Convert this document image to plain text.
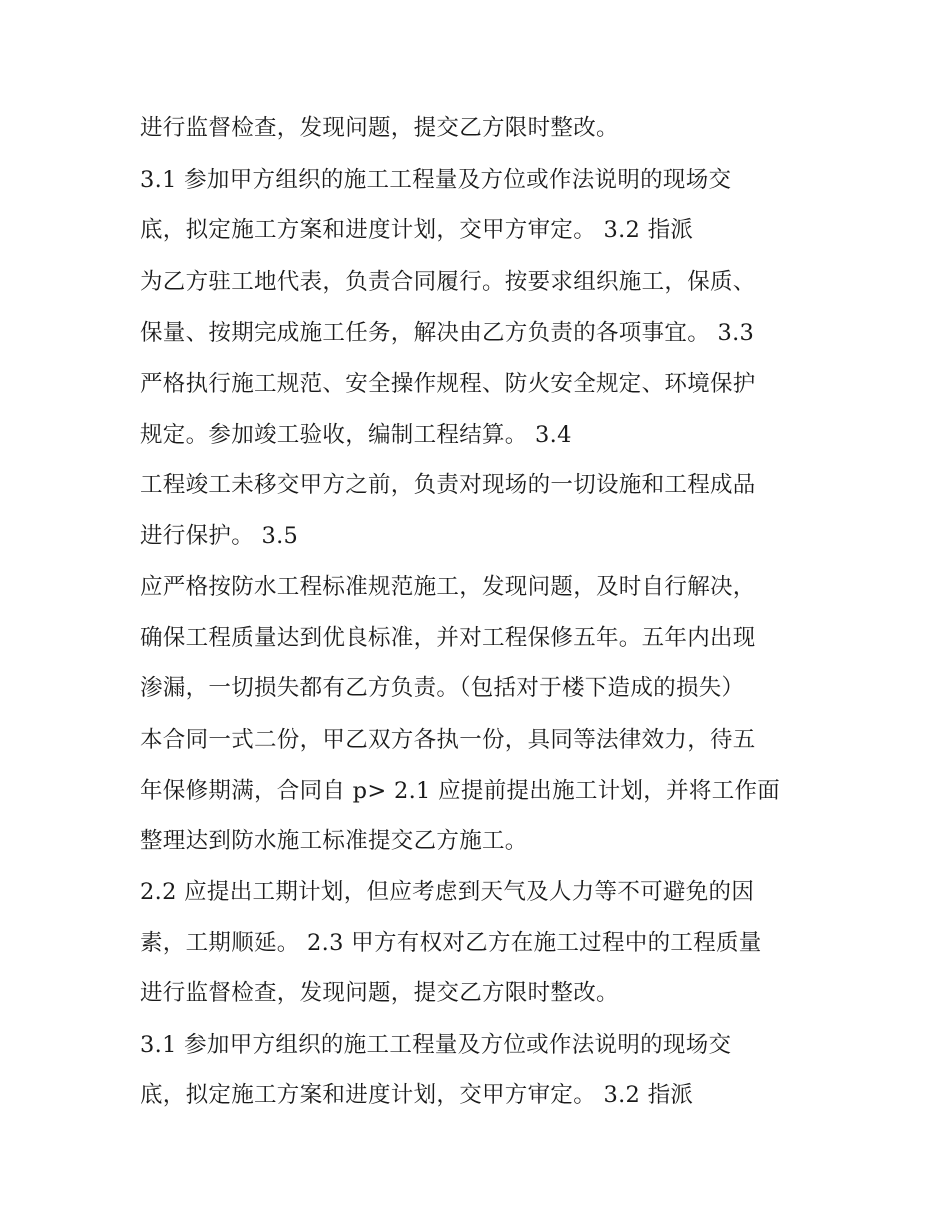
进行监督检查，发现问题，提交乙方限时整改。
3.1 参加甲方组织的施工工程量及方位或作法说明的现场交
底，拟定施工方案和进度计划，交甲方审定。 3.2 指派
为乙方驻工地代表，负责合同履行。按要求组织施工，保质、
保量、按期完成施工任务，解决由乙方负责的各项事宜。 3.3
严格执行施工规范、安全操作规程、防火安全规定、环境保护
规定。参加竣工验收，编制工程结算。 3.4
工程竣工未移交甲方之前，负责对现场的一切设施和工程成品
进行保护。 3.5
应严格按防水工程标准规范施工，发现问题，及时自行解决，
确保工程质量达到优良标准，并对工程保修五年。五年内出现
渗漏，一切损失都有乙方负责。（包括对于楼下造成的损失）
本合同一式二份，甲乙双方各执一份，具同等法律效力，待五
年保修期满，合同自 p> 2.1 应提前提出施工计划，并将工作面
整理达到防水施工标准提交乙方施工。
2.2 应提出工期计划，但应考虑到天气及人力等不可避免的因
素，工期顺延。 2.3 甲方有权对乙方在施工过程中的工程质量
进行监督检查，发现问题，提交乙方限时整改。
3.1 参加甲方组织的施工工程量及方位或作法说明的现场交
底，拟定施工方案和进度计划，交甲方审定。 3.2 指派
